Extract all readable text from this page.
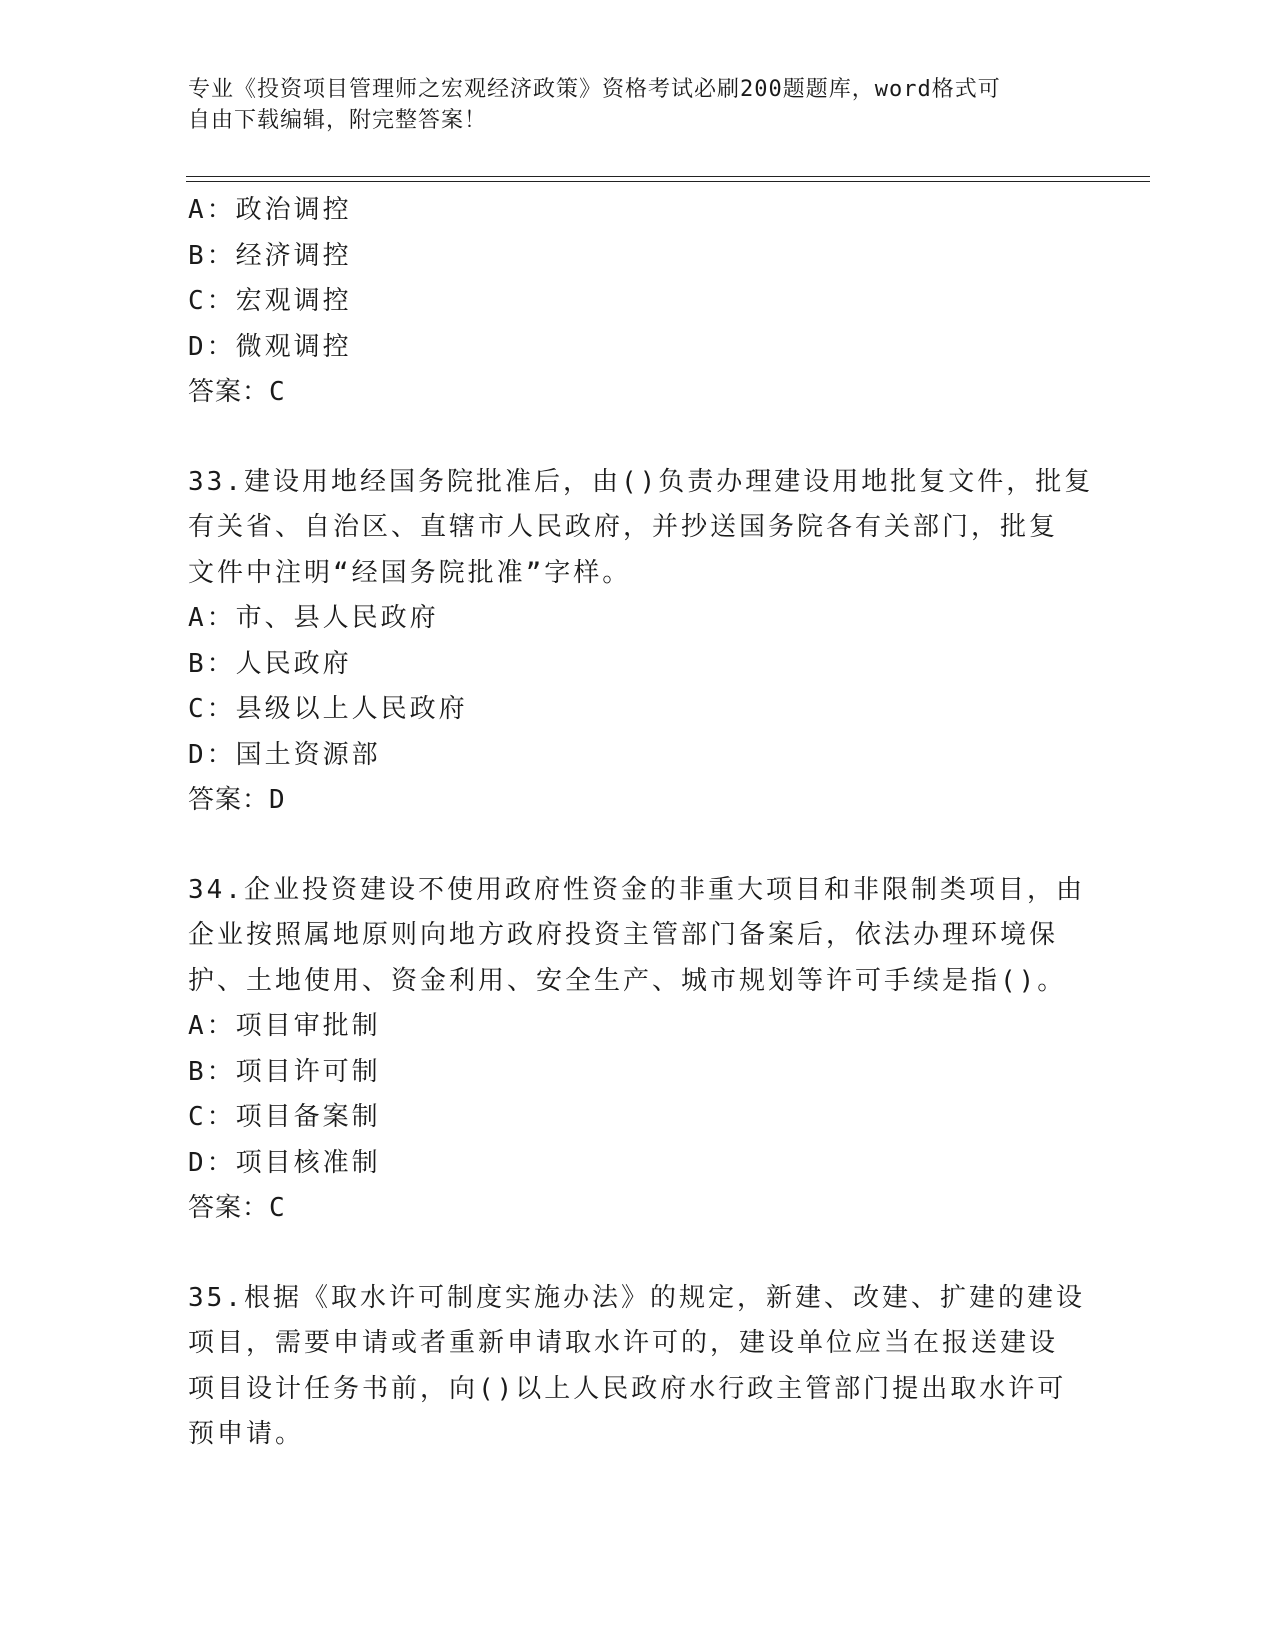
专业《投资项目管理师之宏观经济政策》资格考试必刷200题题库，word格式可
自由下载编辑，附完整答案！
A：政治调控
B：经济调控
C：宏观调控
D：微观调控
答案：C
33.建设用地经国务院批准后，由()负责办理建设用地批复文件，批复
有关省、自治区、直辖市人民政府，并抄送国务院各有关部门，批复
文件中注明“经国务院批准”字样。
A：市、县人民政府
B：人民政府
C：县级以上人民政府
D：国土资源部
答案：D
34.企业投资建设不使用政府性资金的非重大项目和非限制类项目，由
企业按照属地原则向地方政府投资主管部门备案后，依法办理环境保
护、土地使用、资金利用、安全生产、城市规划等许可手续是指()。
A：项目审批制
B：项目许可制
C：项目备案制
D：项目核准制
答案：C
35.根据《取水许可制度实施办法》的规定，新建、改建、扩建的建设
项目，需要申请或者重新申请取水许可的，建设单位应当在报送建设
项目设计任务书前，向()以上人民政府水行政主管部门提出取水许可
预申请。
